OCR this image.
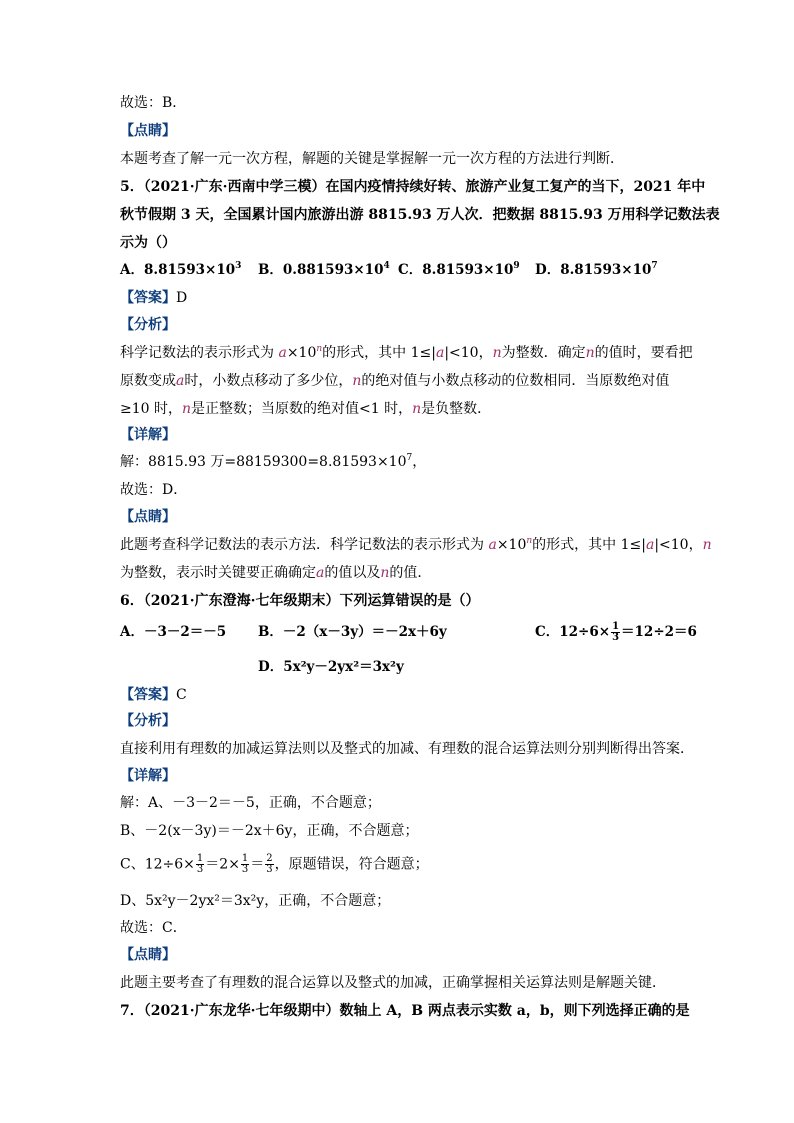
故选：B．
【点睛】
本题考查了解一元一次方程，解题的关键是掌握解一元一次方程的方法进行判断．
5．（2021·广东·西南中学三模）在国内疫情持续好转、旅游产业复工复产的当下，2021 年中
秋节假期 3 天，全国累计国内旅游出游 8815.93 万人次．把数据 8815.93 万用科学记数法表
示为（）
A．$8.81593\times 10^3$ B．$0.881593\times 10^4$ C．$8.81593\times 10^9$ D．$8.81593\times 10^7$
【答案】D
【分析】
科学记数法的表示形式为 $a\times 10^n$的形式，其中 1≤|a|<10，n为整数．确定n的值时，要看把
原数变成a时，小数点移动了多少位，n的绝对值与小数点移动的位数相同．当原数绝对值
≥10 时，n是正整数；当原数的绝对值<1 时，n是负整数．
【详解】
解：8815.93 万$=88159300=8.81593\times 10^7$，
故选：D．
【点睛】
此题考查科学记数法的表示方法．科学记数法的表示形式为 $a\times 10^n$的形式，其中 1≤|a|<10，n
为整数，表示时关键要正确确定a的值以及n的值．
6．（2021·广东澄海·七年级期末）下列运算错误的是（）
A．－3－2＝－5 B．－2（x－3y）＝－2x＋6y	C．$12\div 6\times \frac{1}{3} =12\div 2=6$
D．5x²y－2yx²＝3x²y
【答案】C
【分析】
直接利用有理数的加减运算法则以及整式的加减、有理数的混合运算法则分别判断得出答案．
【详解】
解：A、－3－2＝－5，正确，不合题意；
B、－2(x－3y)＝－2x＋6y，正确，不合题意；
C、$12\div 6\times \frac{1}{3} =2\times \frac{1}{3} = \frac{2}{3}$ ，原题错误，符合题意；
D、5x²y－2yx²＝3x²y，正确，不合题意；
故选：C．
【点睛】
此题主要考查了有理数的混合运算以及整式的加减，正确掌握相关运算法则是解题关键．
7．（2021·广东龙华·七年级期中）数轴上 A，B 两点表示实数 a，b，则下列选择正确的是
